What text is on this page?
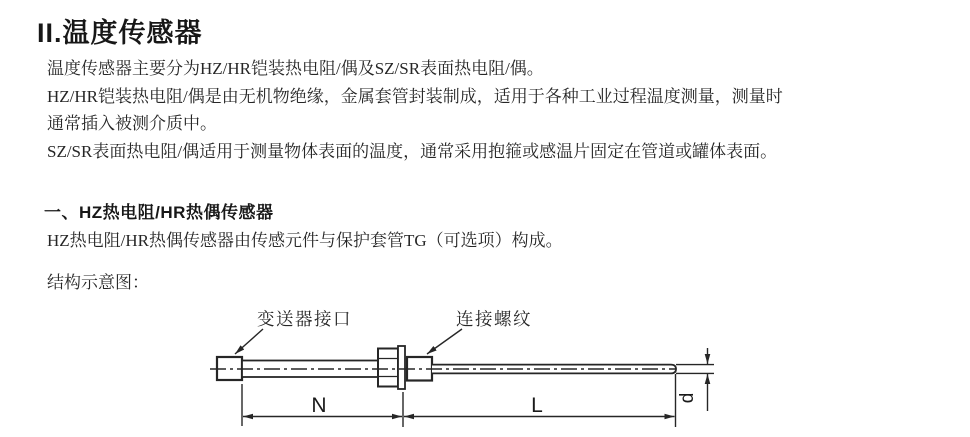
II.温度传感器
温度传感器主要分为HZ/HR铠装热电阻/偶及SZ/SR表面热电阻/偶。
HZ/HR铠装热电阻/偶是由无机物绝缘，金属套管封装制成，适用于各种工业过程温度测量，测量时
通常插入被测介质中。
SZ/SR表面热电阻/偶适用于测量物体表面的温度，通常采用抱箍或感温片固定在管道或罐体表面。
一、HZ热电阻/HR热偶传感器
HZ热电阻/HR热偶传感器由传感元件与保护套管TG（可选项）构成。
结构示意图：
变送器接口	连接螺纹
N	L	d
